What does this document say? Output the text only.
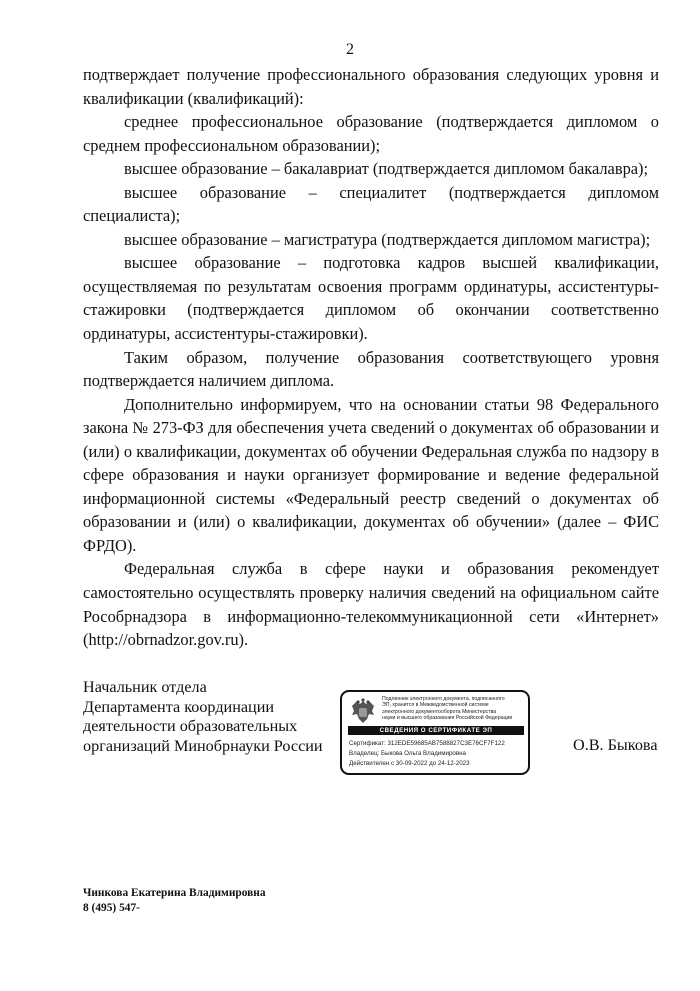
2

подтверждает получение профессионального образования следующих уровня и квалификации (квалификаций):

среднее профессиональное образование (подтверждается дипломом о среднем профессиональном образовании);

высшее образование – бакалавриат (подтверждается дипломом бакалавра);

высшее образование – специалитет (подтверждается дипломом специалиста);

высшее образование – магистратура (подтверждается дипломом магистра);

высшее образование – подготовка кадров высшей квалификации, осуществляемая по результатам освоения программ ординатуры, ассистентуры-стажировки (подтверждается дипломом об окончании соответственно ординатуры, ассистентуры-стажировки).

Таким образом, получение образования соответствующего уровня подтверждается наличием диплома.

Дополнительно информируем, что на основании статьи 98 Федерального закона № 273-ФЗ для обеспечения учета сведений о документах об образовании и (или) о квалификации, документах об обучении Федеральная служба по надзору в сфере образования и науки организует формирование и ведение федеральной информационной системы «Федеральный реестр сведений о документах об образовании и (или) о квалификации, документах об обучении» (далее – ФИС ФРДО).

Федеральная служба в сфере науки и образования рекомендует самостоятельно осуществлять проверку наличия сведений на официальном сайте Рособрнадзора в информационно-телекоммуникационной сети «Интернет» (http://obrnadzor.gov.ru).

Начальник отдела
Департамента координации
деятельности образовательных
организаций Минобрнауки России
Подлинник электронного документа, подписанного
ЭП, хранится в Межведомственной системе
электронного документооборота Министерства
науки и высшего образования Российской Федерации
СВЕДЕНИЯ О СЕРТИФИКАТЕ ЭП
Сертификат: 312EDE59685AB7588827C3E76CF7F122
Владелец: Быкова Ольга Владимировна
Действителен с 30-09-2022 до 24-12-2023
О.В. Быкова
Чинкова Екатерина Владимировна
8 (495) 547-
